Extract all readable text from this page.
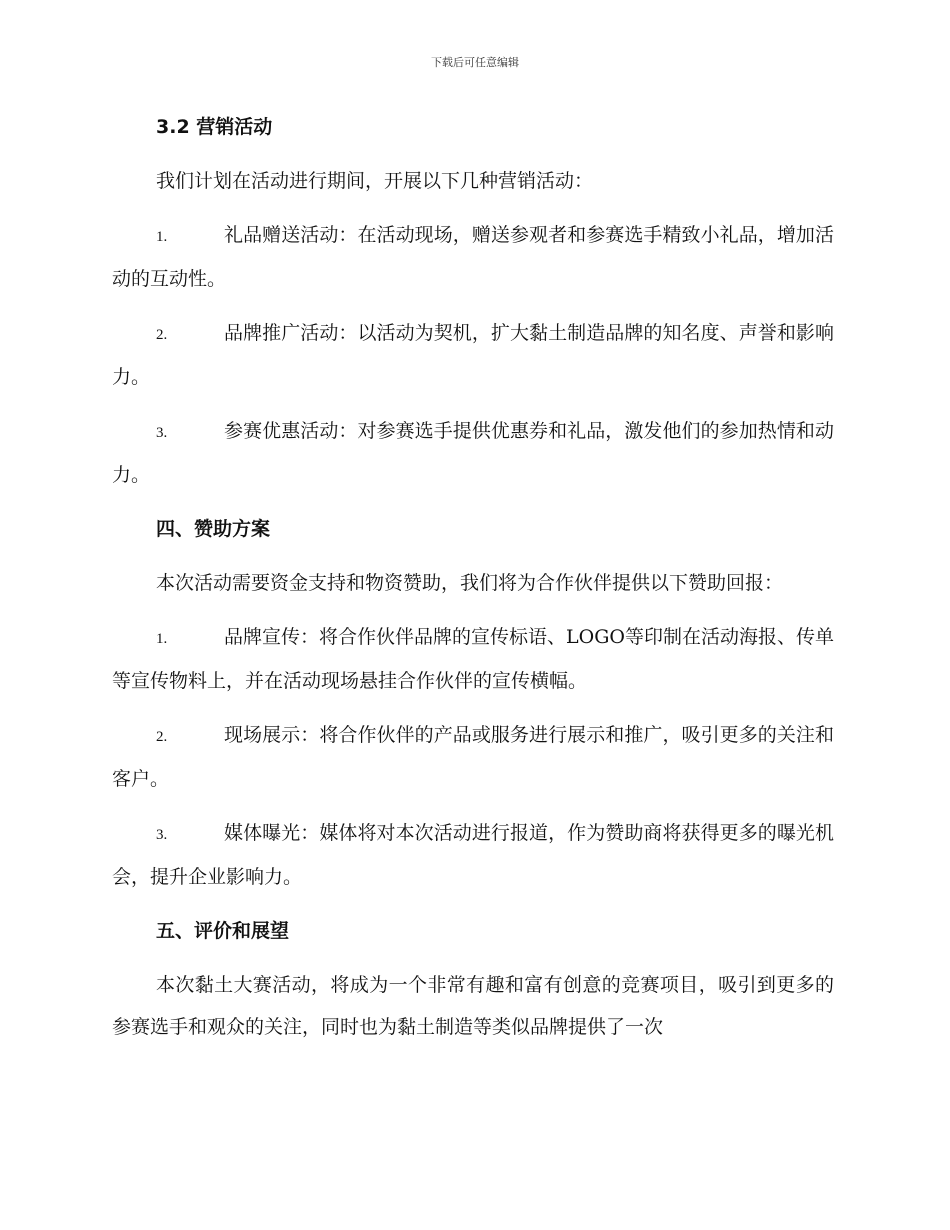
下载后可任意编辑
3.2 营销活动

我们计划在活动进行期间，开展以下几种营销活动：

1.	礼品赠送活动：在活动现场，赠送参观者和参赛选手精致小礼品，增加活动的互动性。

2.	品牌推广活动：以活动为契机，扩大黏土制造品牌的知名度、声誉和影响力。

3.	参赛优惠活动：对参赛选手提供优惠券和礼品，激发他们的参加热情和动力。

四、赞助方案

本次活动需要资金支持和物资赞助，我们将为合作伙伴提供以下赞助回报：

1.	品牌宣传：将合作伙伴品牌的宣传标语、LOGO等印制在活动海报、传单等宣传物料上，并在活动现场悬挂合作伙伴的宣传横幅。

2.	现场展示：将合作伙伴的产品或服务进行展示和推广，吸引更多的关注和客户。

3.	媒体曝光：媒体将对本次活动进行报道，作为赞助商将获得更多的曝光机会，提升企业影响力。

五、评价和展望

本次黏土大赛活动，将成为一个非常有趣和富有创意的竞赛项目，吸引到更多的参赛选手和观众的关注，同时也为黏土制造等类似品牌提供了一次
